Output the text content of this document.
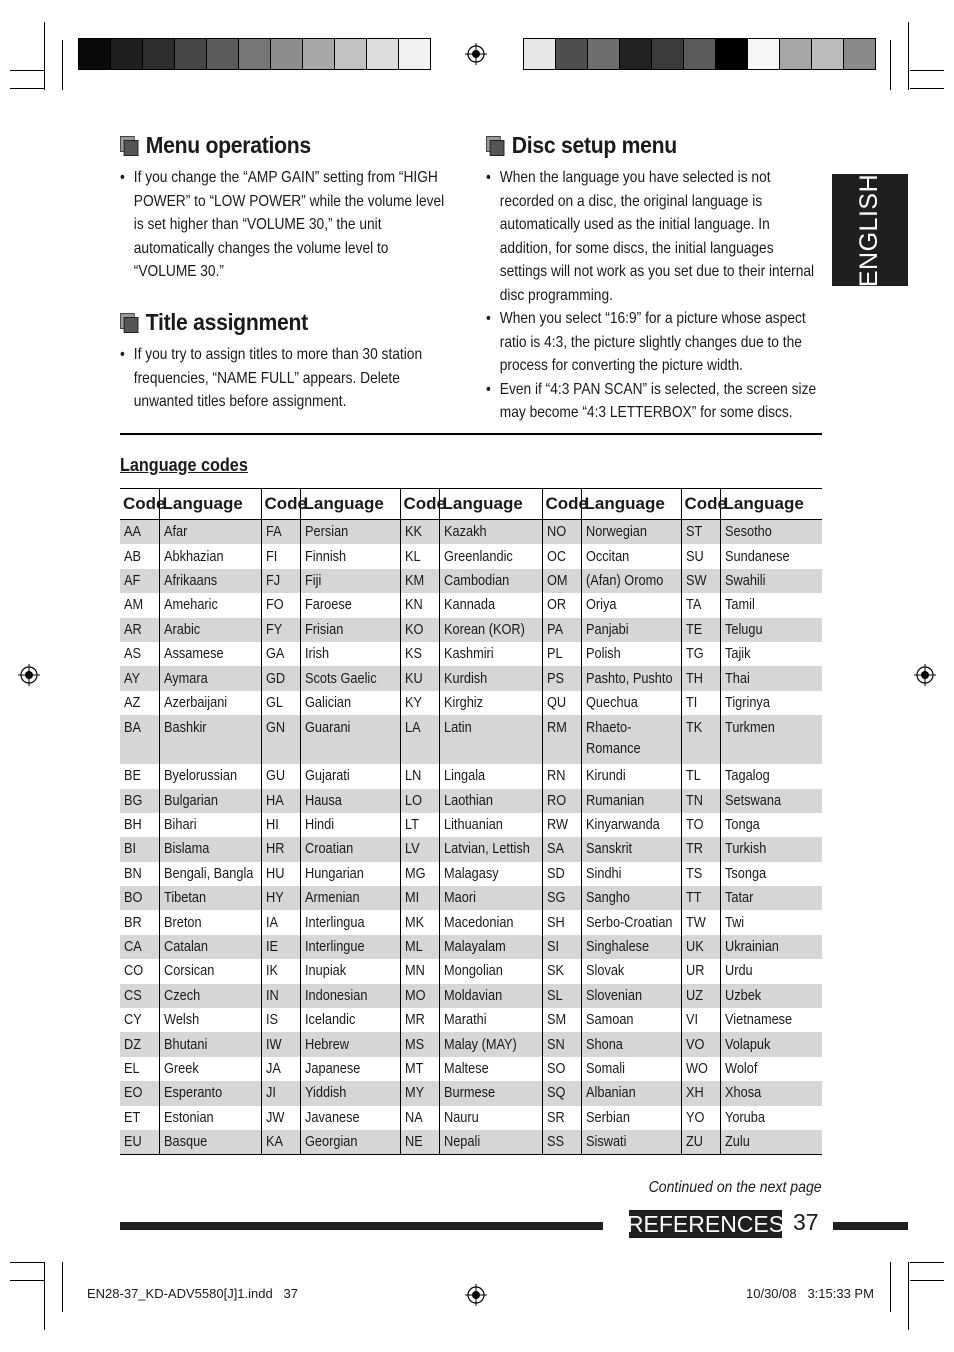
Menu operations
• If you change the “AMP GAIN” setting from “HIGH POWER” to “LOW POWER” while the volume level is set higher than “VOLUME 30,” the unit automatically changes the volume level to “VOLUME 30.”
Title assignment
• If you try to assign titles to more than 30 station frequencies, “NAME FULL” appears. Delete unwanted titles before assignment.
Disc setup menu
• When the language you have selected is not recorded on a disc, the original language is automatically used as the initial language. In addition, for some discs, the initial languages settings will not work as you set due to their internal disc programming.
• When you select “16:9” for a picture whose aspect ratio is 4:3, the picture slightly changes due to the process for converting the picture width.
• Even if “4:3 PAN SCAN” is selected, the screen size may become “4:3 LETTERBOX” for some discs.
ENGLISH
Language codes
Code	Language	Code	Language	Code	Language	Code	Language	Code	Language
AA	Afar	FA	Persian	KK	Kazakh	NO	Norwegian	ST	Sesotho
AB	Abkhazian	FI	Finnish	KL	Greenlandic	OC	Occitan	SU	Sundanese
AF	Afrikaans	FJ	Fiji	KM	Cambodian	OM	(Afan) Oromo	SW	Swahili
AM	Ameharic	FO	Faroese	KN	Kannada	OR	Oriya	TA	Tamil
AR	Arabic	FY	Frisian	KO	Korean (KOR)	PA	Panjabi	TE	Telugu
AS	Assamese	GA	Irish	KS	Kashmiri	PL	Polish	TG	Tajik
AY	Aymara	GD	Scots Gaelic	KU	Kurdish	PS	Pashto, Pushto	TH	Thai
AZ	Azerbaijani	GL	Galician	KY	Kirghiz	QU	Quechua	TI	Tigrinya
BA	Bashkir	GN	Guarani	LA	Latin	RM	Rhaeto-Romance	TK	Turkmen
BE	Byelorussian	GU	Gujarati	LN	Lingala	RN	Kirundi	TL	Tagalog
BG	Bulgarian	HA	Hausa	LO	Laothian	RO	Rumanian	TN	Setswana
BH	Bihari	HI	Hindi	LT	Lithuanian	RW	Kinyarwanda	TO	Tonga
BI	Bislama	HR	Croatian	LV	Latvian, Lettish	SA	Sanskrit	TR	Turkish
BN	Bengali, Bangla	HU	Hungarian	MG	Malagasy	SD	Sindhi	TS	Tsonga
BO	Tibetan	HY	Armenian	MI	Maori	SG	Sangho	TT	Tatar
BR	Breton	IA	Interlingua	MK	Macedonian	SH	Serbo-Croatian	TW	Twi
CA	Catalan	IE	Interlingue	ML	Malayalam	SI	Singhalese	UK	Ukrainian
CO	Corsican	IK	Inupiak	MN	Mongolian	SK	Slovak	UR	Urdu
CS	Czech	IN	Indonesian	MO	Moldavian	SL	Slovenian	UZ	Uzbek
CY	Welsh	IS	Icelandic	MR	Marathi	SM	Samoan	VI	Vietnamese
DZ	Bhutani	IW	Hebrew	MS	Malay (MAY)	SN	Shona	VO	Volapuk
EL	Greek	JA	Japanese	MT	Maltese	SO	Somali	WO	Wolof
EO	Esperanto	JI	Yiddish	MY	Burmese	SQ	Albanian	XH	Xhosa
ET	Estonian	JW	Javanese	NA	Nauru	SR	Serbian	YO	Yoruba
EU	Basque	KA	Georgian	NE	Nepali	SS	Siswati	ZU	Zulu
Continued on the next page
REFERENCES 37
EN28-37_KD-ADV5580[J]1.indd   37	10/30/08   3:15:33 PM
